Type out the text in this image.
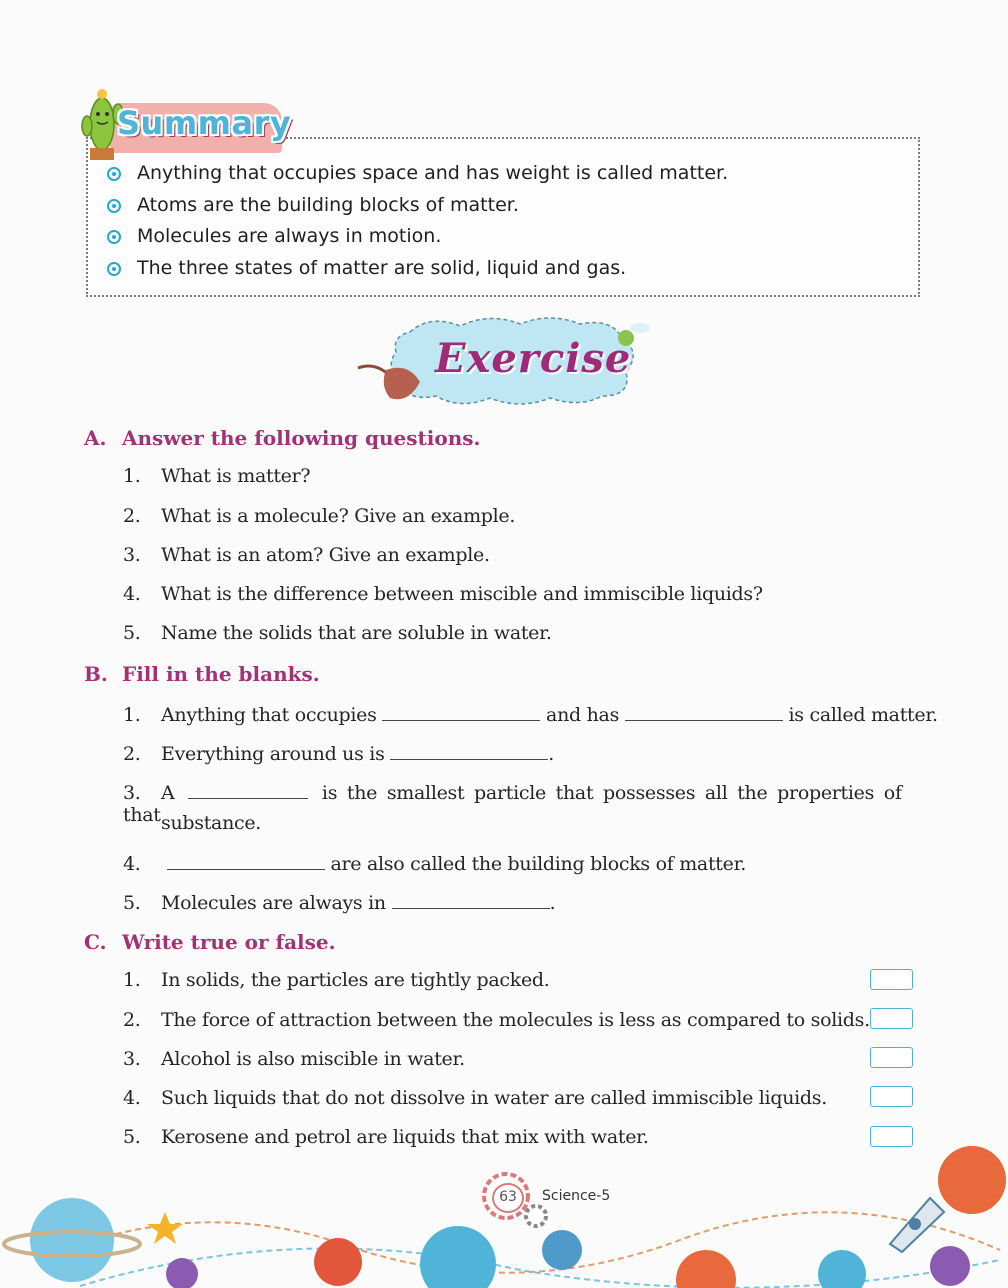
Summary
Anything that occupies space and has weight is called matter.
Atoms are the building blocks of matter.
Molecules are always in motion.
The three states of matter are solid, liquid and gas.
Exercise
A. Answer the following questions.
1. What is matter?
2. What is a molecule? Give an example.
3. What is an atom? Give an example.
4. What is the difference between miscible and immiscible liquids?
5. Name the solids that are soluble in water.
B. Fill in the blanks.
1. Anything that occupies	and has	is called matter.
2. Everything around us is	.
3. A	is the smallest particle that possesses all the properties of that substance.
4.	are also called the building blocks of matter.
5. Molecules are always in	.
C. Write true or false.
1. In solids, the particles are tightly packed.
2. The force of attraction between the molecules is less as compared to solids.
3. Alcohol is also miscible in water.
4. Such liquids that do not dissolve in water are called immiscible liquids.
5. Kerosene and petrol are liquids that mix with water.
63	Science-5
